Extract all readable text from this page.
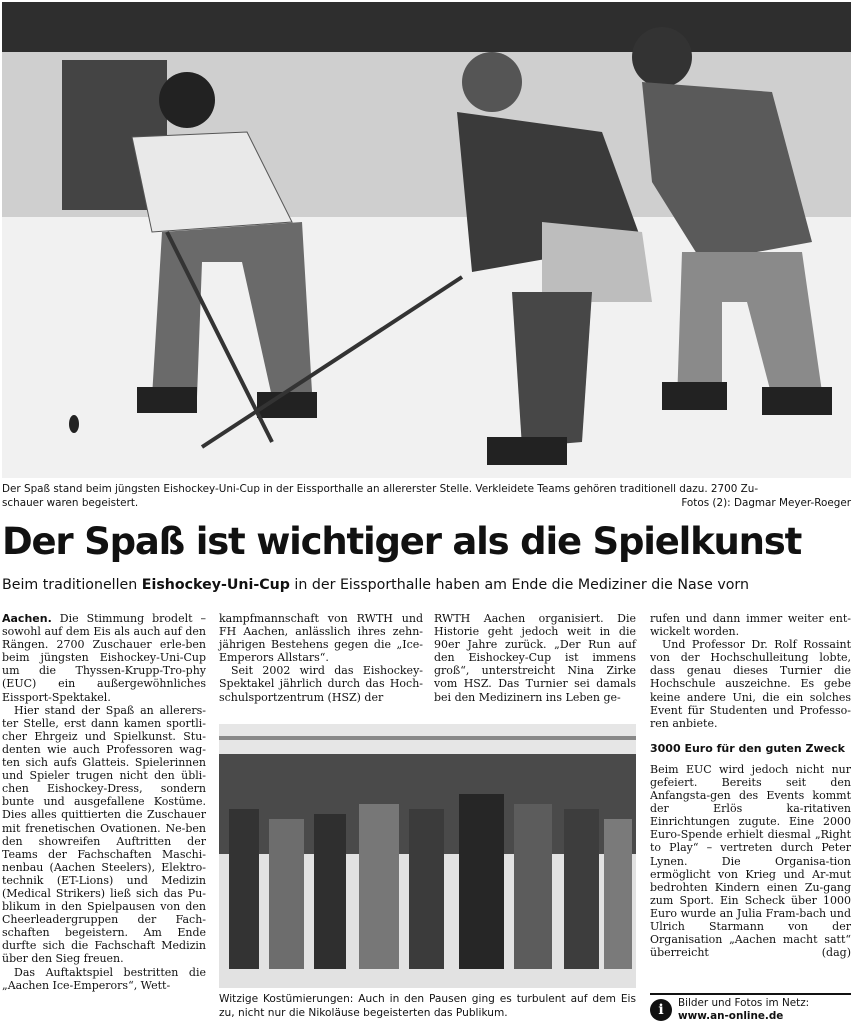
Der Spaß stand beim jüngsten Eishockey-Uni-Cup in der Eissporthalle an allererster Stelle. Verkleidete Teams gehören traditionell dazu. 2700 Zu-
schauer waren begeistert.	Fotos (2): Dagmar Meyer-Roeger
Der Spaß ist wichtiger als die Spielkunst
Beim traditionellen Eishockey-Uni-Cup in der Eissporthalle haben am Ende die Mediziner die Nase vorn

Aachen. Die Stimmung brodelt – sowohl auf dem Eis als auch auf den Rängen. 2700 Zuschauer erle-ben beim jüngsten Eishockey-Uni-Cup um die Thyssen-Krupp-Tro-phy (EUC) ein außergewöhnliches Eissport-Spektakel.

Hier stand der Spaß an allerers-ter Stelle, erst dann kamen sportli-cher Ehrgeiz und Spielkunst. Stu-denten wie auch Professoren wag-ten sich aufs Glatteis. Spielerinnen und Spieler trugen nicht den übli-chen Eishockey-Dress, sondern bunte und ausgefallene Kostüme. Dies alles quittierten die Zuschauer mit frenetischen Ovationen. Ne-ben den showreifen Auftritten der Teams der Fachschaften Maschi-nenbau (Aachen Steelers), Elektro-technik (ET-Lions) und Medizin (Medical Strikers) ließ sich das Pu-blikum in den Spielpausen von den Cheerleadergruppen der Fach-schaften begeistern. Am Ende durfte sich die Fachschaft Medizin über den Sieg freuen.

Das Auftaktspiel bestritten die „Aachen Ice-Emperors“, Wett-

kampfmannschaft von RWTH und FH Aachen, anlässlich ihres zehn-jährigen Bestehens gegen die „Ice-Emperors Allstars“.

Seit 2002 wird das Eishockey-Spektakel jährlich durch das Hoch-schulsportzentrum (HSZ) der

RWTH Aachen organisiert. Die Historie geht jedoch weit in die 90er Jahre zurück. „Der Run auf den Eishockey-Cup ist immens groß“, unterstreicht Nina Zirke vom HSZ. Das Turnier sei damals bei den Medizinern ins Leben ge-

rufen und dann immer weiter ent-wickelt worden.

Und Professor Dr. Rolf Rossaint von der Hochschulleitung lobte, dass genau dieses Turnier die Hochschule auszeichne. Es gebe keine andere Uni, die ein solches Event für Studenten und Professo-ren anbiete.

3000 Euro für den guten Zweck

Beim EUC wird jedoch nicht nur gefeiert. Bereits seit den Anfangsta-gen des Events kommt der Erlös ka-ritativen Einrichtungen zugute. Eine 2000 Euro-Spende erhielt diesmal „Right to Play“ – vertreten durch Peter Lynen. Die Organisa-tion ermöglicht von Krieg und Ar-mut bedrohten Kindern einen Zu-gang zum Sport. Ein Scheck über 1000 Euro wurde an Julia Fram-bach und Ulrich Starmann von der Organisation „Aachen macht satt“ überreicht	(dag)

Witzige Kostümierungen: Auch in den Pausen ging es turbulent auf dem Eis zu, nicht nur die Nikoläuse begeisterten das Publikum.	i	Bilder und Fotos im Netz:
www.an-online.de
